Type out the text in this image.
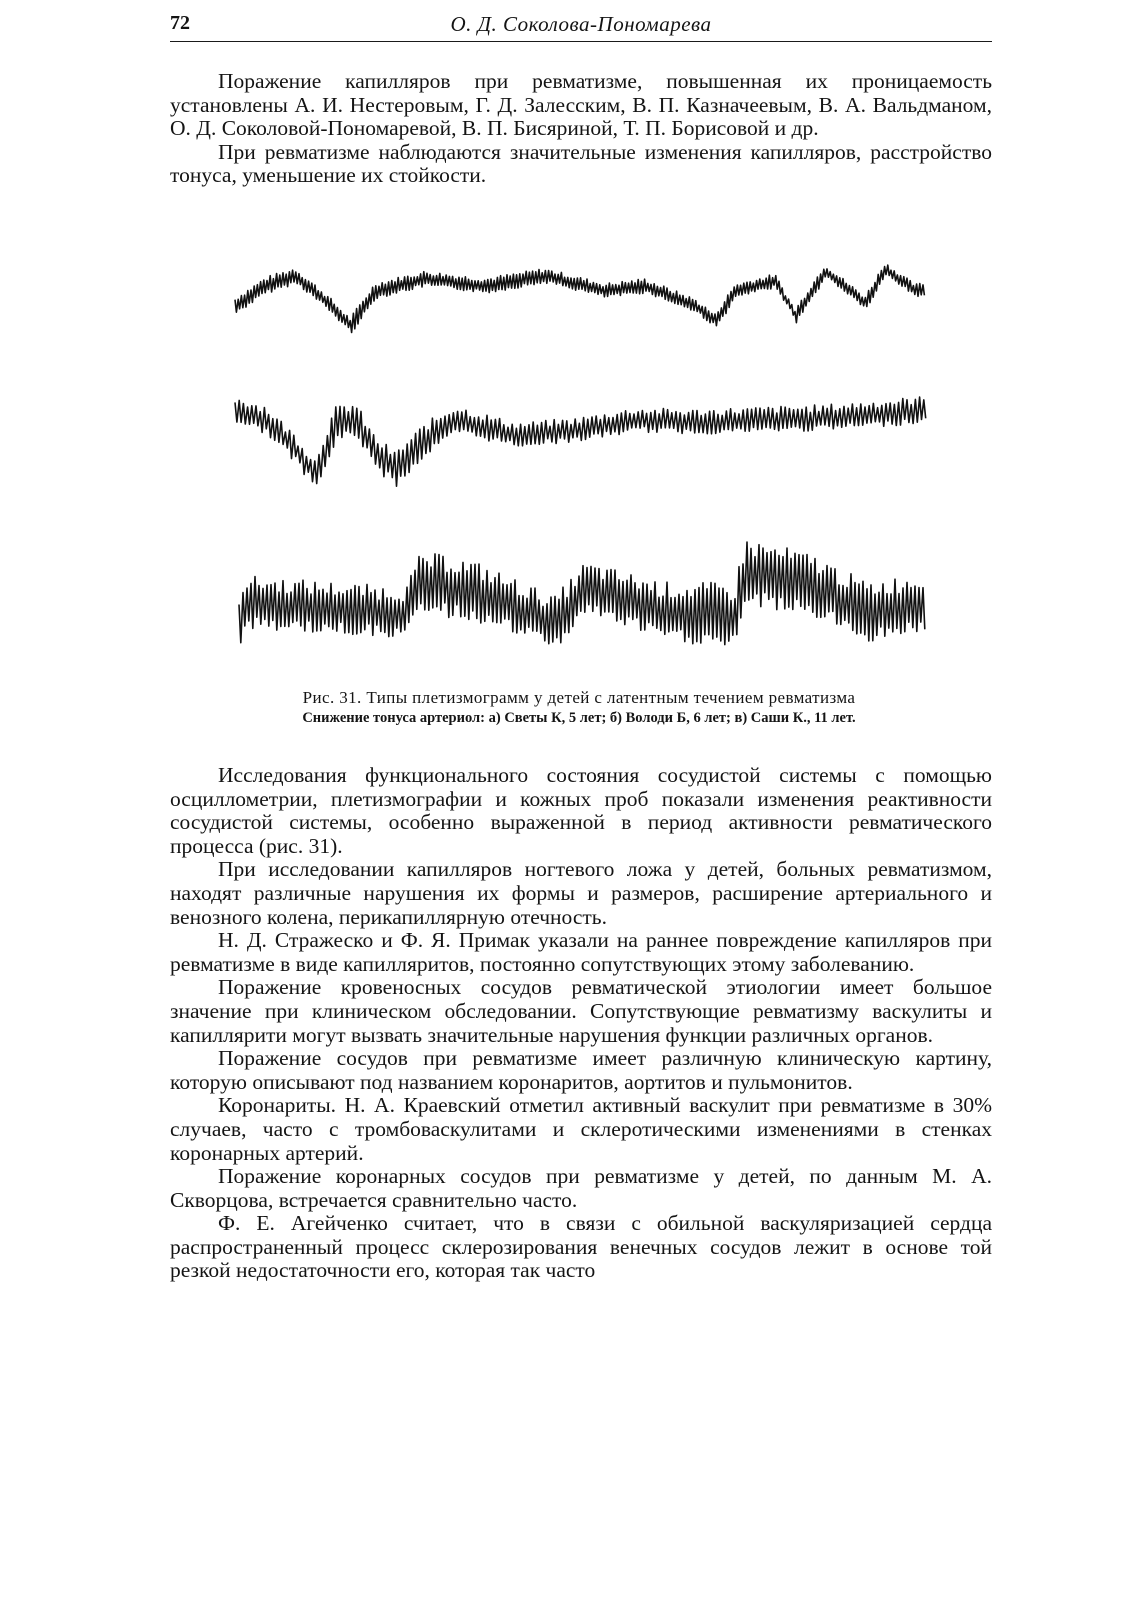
72	О. Д. Соколова-Пономарева

Поражение капилляров при ревматизме, повышенная их проницаемость установлены А. И. Нестеровым, Г. Д. Залесским, В. П. Казначеевым, В. А. Вальдманом, О. Д. Соколовой-Пономаревой, В. П. Бисяриной, Т. П. Борисовой и др.

При ревматизме наблюдаются значительные изменения капилляров, расстройство тонуса, уменьшение их стойкости.

Рис. 31. Типы плетизмограмм у детей с латентным течением ревматизма
Снижение тонуса артериол: а) Светы К, 5 лет; б) Володи Б, 6 лет; в) Саши К., 11 лет.

Исследования функционального состояния сосудистой системы с помощью осциллометрии, плетизмографии и кожных проб показали изменения реактивности сосудистой системы, особенно выраженной в период активности ревматического процесса (рис. 31).

При исследовании капилляров ногтевого ложа у детей, больных ревматизмом, находят различные нарушения их формы и размеров, расширение артериального и венозного колена, перикапиллярную отечность.

Н. Д. Стражеско и Ф. Я. Примак указали на раннее повреждение капилляров при ревматизме в виде капилляритов, постоянно сопутствующих этому заболеванию.

Поражение кровеносных сосудов ревматической этиологии имеет большое значение при клиническом обследовании. Сопутствующие ревматизму васкулиты и капиллярити могут вызвать значительные нарушения функции различных органов.

Поражение сосудов при ревматизме имеет различную клиническую картину, которую описывают под названием коронаритов, аортитов и пульмонитов.

Коронариты. Н. А. Краевский отметил активный васкулит при ревматизме в 30% случаев, часто с тромбоваскулитами и склеротическими изменениями в стенках коронарных артерий.

Поражение коронарных сосудов при ревматизме у детей, по данным М. А. Скворцова, встречается сравнительно часто.

Ф. Е. Агейченко считает, что в связи с обильной васкуляризацией сердца распространенный процесс склерозирования венечных сосудов лежит в основе той резкой недостаточности его, которая так часто
